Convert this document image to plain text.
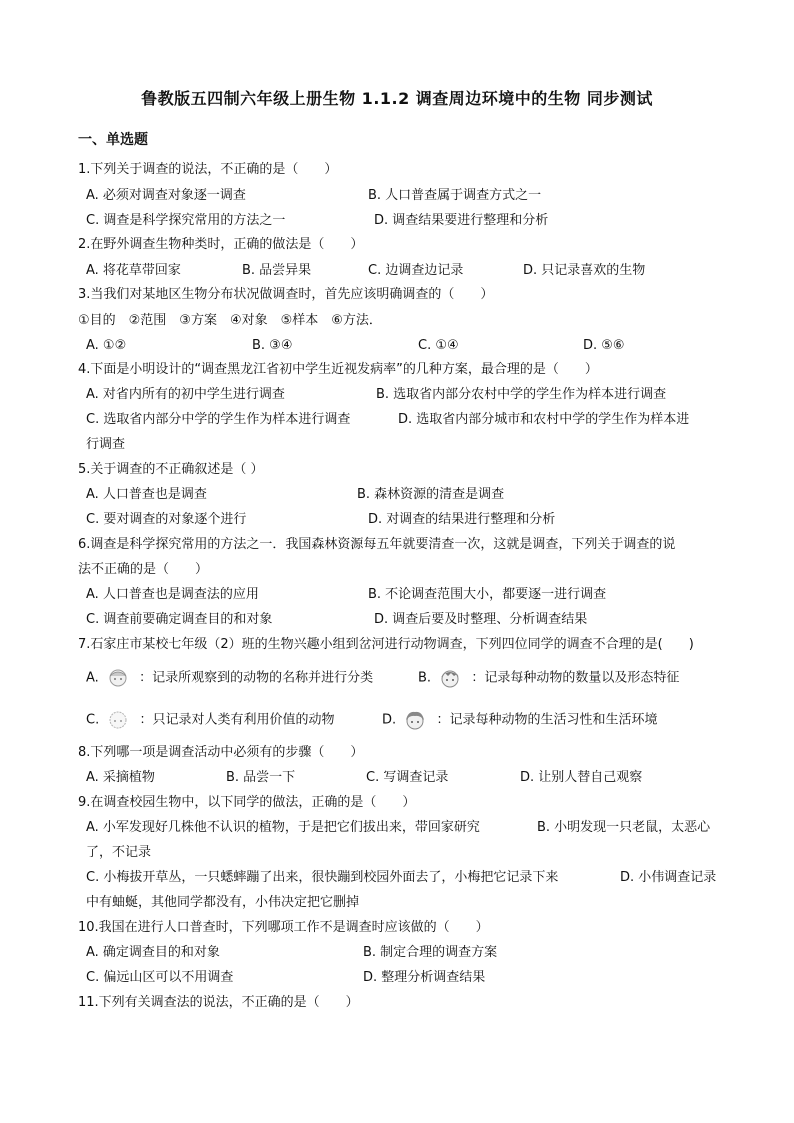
鲁教版五四制六年级上册生物 1.1.2 调查周边环境中的生物 同步测试
一、单选题
1.下列关于调查的说法，不正确的是（　　）
A. 必须对调查对象逐一调查	B. 人口普查属于调查方式之一
C. 调查是科学探究常用的方法之一	D. 调查结果要进行整理和分析
2.在野外调查生物种类时，正确的做法是（　　）
A. 将花草带回家	B. 品尝异果	C. 边调查边记录	D. 只记录喜欢的生物
3.当我们对某地区生物分布状况做调查时，首先应该明确调查的（　　）
①目的　②范围　③方案　④对象　⑤样本　⑥方法．
A. ①②	B. ③④	C. ①④	D. ⑤⑥
4.下面是小明设计的“调查黑龙江省初中学生近视发病率”的几种方案，最合理的是（　　）
A. 对省内所有的初中学生进行调查	B. 选取省内部分农村中学的学生作为样本进行调查
C. 选取省内部分中学的学生作为样本进行调查	D. 选取省内部分城市和农村中学的学生作为样本进
行调查
5.关于调查的不正确叙述是（ ）
A. 人口普查也是调查	B. 森林资源的清查是调查
C. 要对调查的对象逐个进行	D. 对调查的结果进行整理和分析
6.调查是科学探究常用的方法之一．我国森林资源每五年就要清查一次，这就是调查，下列关于调查的说
法不正确的是（　　）
A. 人口普查也是调查法的应用	B. 不论调查范围大小，都要逐一进行调查
C. 调查前要确定调查目的和对象	D. 调查后要及时整理、分析调查结果
7.石家庄市某校七年级（2）班的生物兴趣小组到岔河进行动物调查，下列四位同学的调查不合理的是(　　)
A.	：记录所观察到的动物的名称并进行分类	B.	：记录每种动物的数量以及形态特征
C.	：只记录对人类有利用价值的动物	D.	：记录每种动物的生活习性和生活环境
8.下列哪一项是调查活动中必须有的步骤（　　）
A. 采摘植物	B. 品尝一下	C. 写调查记录	D. 让别人替自己观察
9.在调查校园生物中，以下同学的做法，正确的是（　　）
A. 小军发现好几株他不认识的植物，于是把它们拔出来，带回家研究	B. 小明发现一只老鼠，太恶心
了，不记录
C. 小梅拔开草丛，一只蟋蟀蹦了出来，很快蹦到校园外面去了，小梅把它记录下来	D. 小伟调查记录
中有蚰蜒，其他同学都没有，小伟决定把它删掉
10.我国在进行人口普查时，下列哪项工作不是调查时应该做的（　　）
A. 确定调查目的和对象	B. 制定合理的调查方案
C. 偏远山区可以不用调查	D. 整理分析调查结果
11.下列有关调查法的说法，不正确的是（　　）
